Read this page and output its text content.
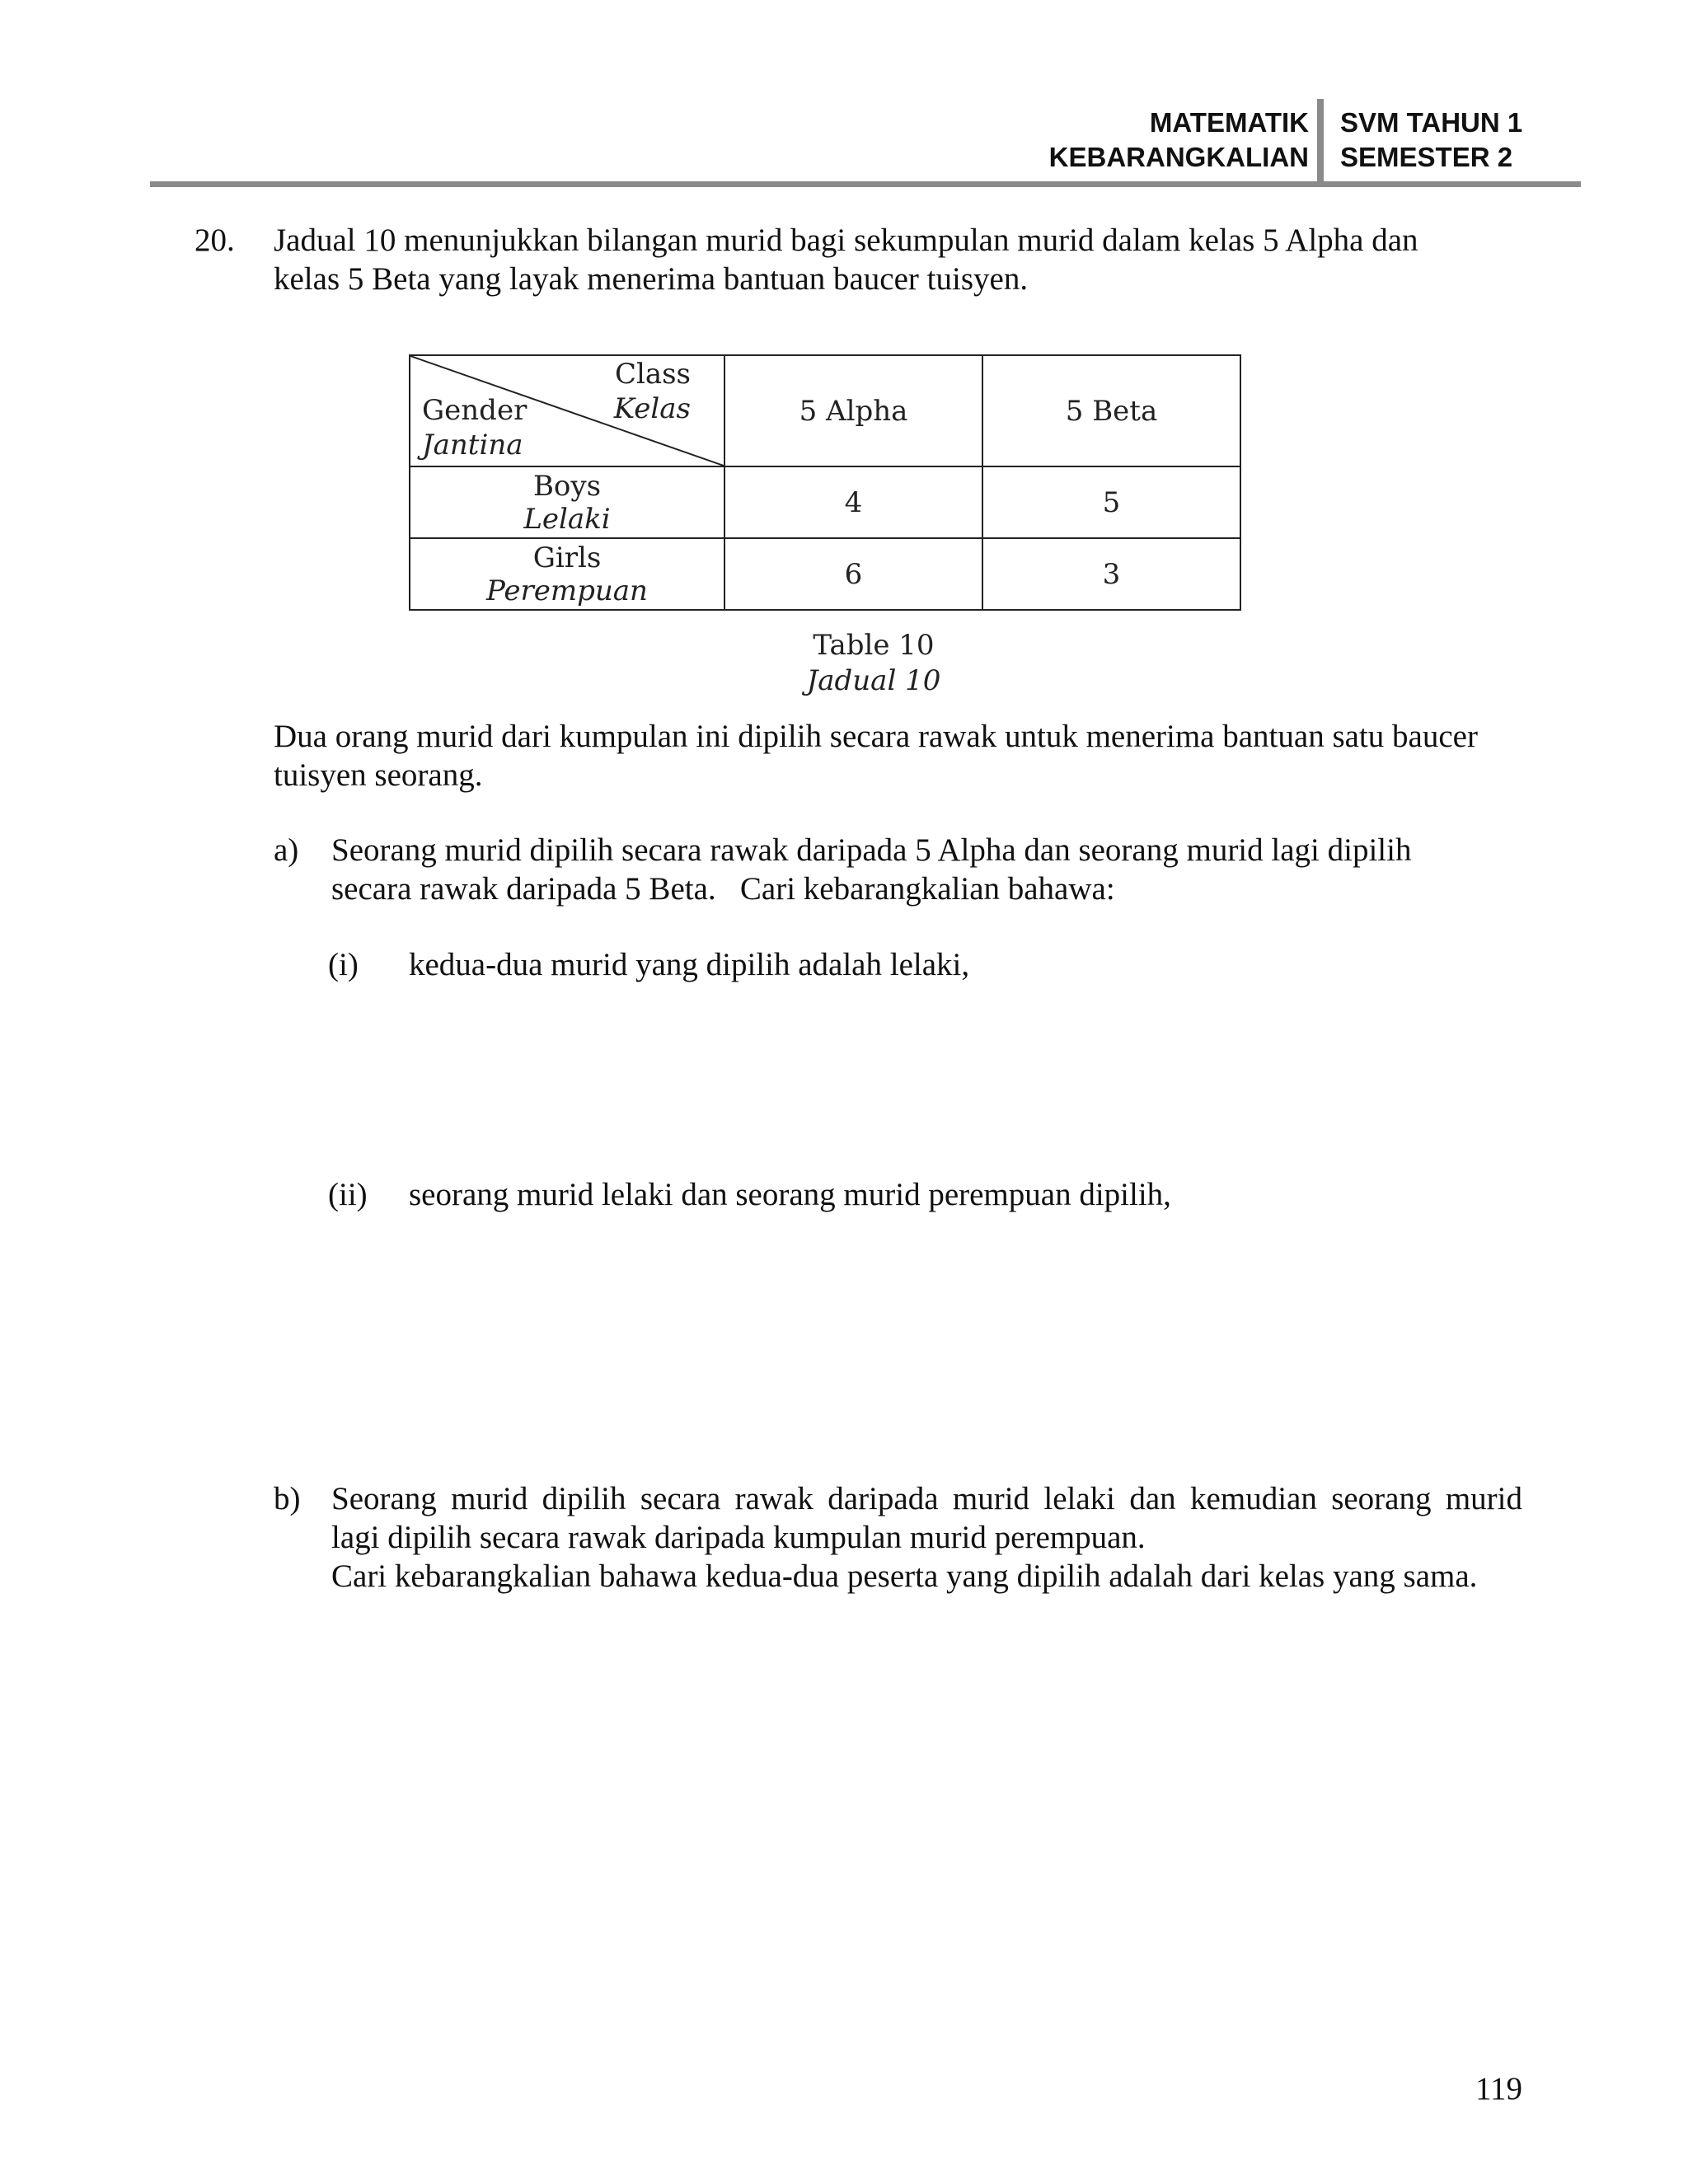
MATEMATIK
KEBARANGKALIAN
SVM TAHUN 1
SEMESTER 2
20. Jadual 10 menunjukkan bilangan murid bagi sekumpulan murid dalam kelas 5 Alpha dan
kelas 5 Beta yang layak menerima bantuan baucer tuisyen.
Class
Kelas
Gender
Jantina	5 Alpha	5 Beta

Boys
Lelaki	4	5

Girls
Perempuan	6	3
Table 10
Jadual 10
Dua orang murid dari kumpulan ini dipilih secara rawak untuk menerima bantuan satu baucer
tuisyen seorang.
a) Seorang murid dipilih secara rawak daripada 5 Alpha dan seorang murid lagi dipilih
secara rawak daripada 5 Beta.   Cari kebarangkalian bahawa:
(i) kedua-dua murid yang dipilih adalah lelaki,
(ii) seorang murid lelaki dan seorang murid perempuan dipilih,
b) Seorang murid dipilih secara rawak daripada murid lelaki dan kemudian seorang murid
lagi dipilih secara rawak daripada kumpulan murid perempuan.
Cari kebarangkalian bahawa kedua-dua peserta yang dipilih adalah dari kelas yang sama.
119
